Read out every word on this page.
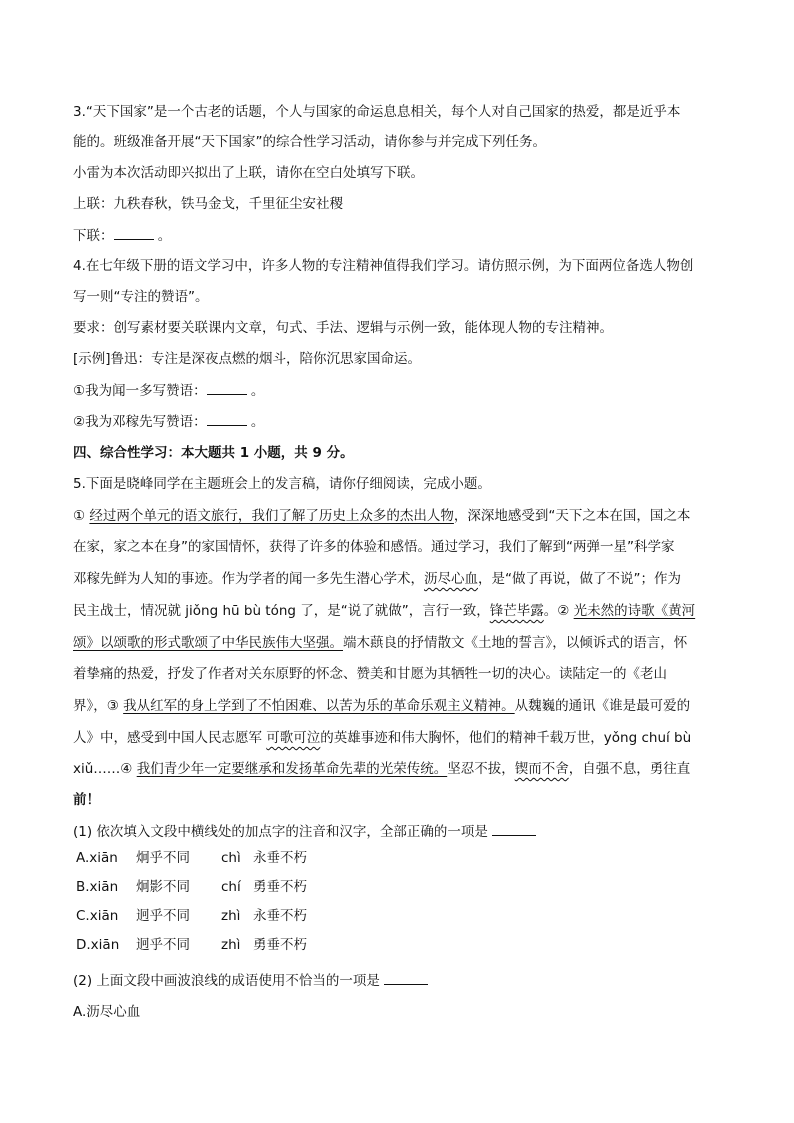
3.“天下国家”是一个古老的话题，个人与国家的命运息息相关，每个人对自己国家的热爱，都是近乎本
能的。班级准备开展“天下国家”的综合性学习活动，请你参与并完成下列任务。
小雷为本次活动即兴拟出了上联，请你在空白处填写下联。
上联：九秩春秋，铁马金戈，千里征尘安社稷
下联：	。
4.在七年级下册的语文学习中，许多人物的专注精神值得我们学习。请仿照示例，为下面两位备选人物创
写一则“专注的赞语”。
要求：创写素材要关联课内文章，句式、手法、逻辑与示例一致，能体现人物的专注精神。
[示例]鲁迅：专注是深夜点燃的烟斗，陪你沉思家国命运。
①我为闻一多写赞语：	。
②我为邓稼先写赞语：	。
四、综合性学习：本大题共 1 小题，共 9 分。
5.下面是晓峰同学在主题班会上的发言稿，请你仔细阅读，完成小题。
① 经过两个单元的语文旅行，我们了解了历史上众多的杰出人物，深深地感受到“天下之本在国，国之本
在家，家之本在身”的家国情怀，获得了许多的体验和感悟。通过学习，我们了解到“两弹一星”科学家
邓稼先鲜为人知的事迹。作为学者的闻一多先生潜心学术，沥尽心血，是“做了再说，做了不说”；作为
民主战士，情况就 jiǒng hū bù tóng 了，是“说了就做”，言行一致，锋芒毕露。② 光未然的诗歌《黄河
颂》以颂歌的形式歌颂了中华民族伟大坚强。端木蕻良的抒情散文《土地的誓言》，以倾诉式的语言，怀
着挚痛的热爱，抒发了作者对关东原野的怀念、赞美和甘愿为其牺牲一切的决心。读陆定一的《老山
界》，③ 我从红军的身上学到了不怕困难、以苦为乐的革命乐观主义精神。从魏巍的通讯《谁是最可爱的
人》中，感受到中国人民志愿军 可歌可泣的英雄事迹和伟大胸怀，他们的精神千载万世，yǒng chuí bù
xiǔ……④ 我们青少年一定要继承和发扬革命先辈的光荣传统。坚忍不拔，锲而不舍，自强不息，勇往直
前！
(1) 依次填入文段中横线处的加点字的注音和汉字，全部正确的一项是
A.xiān 炯乎不同 chì 永垂不朽
B.xiān 炯影不同 chí 勇垂不朽
C.xiān 迥乎不同 zhì 永垂不朽
D.xiān 迥乎不同 zhì 勇垂不朽
(2) 上面文段中画波浪线的成语使用不恰当的一项是
A.沥尽心血
